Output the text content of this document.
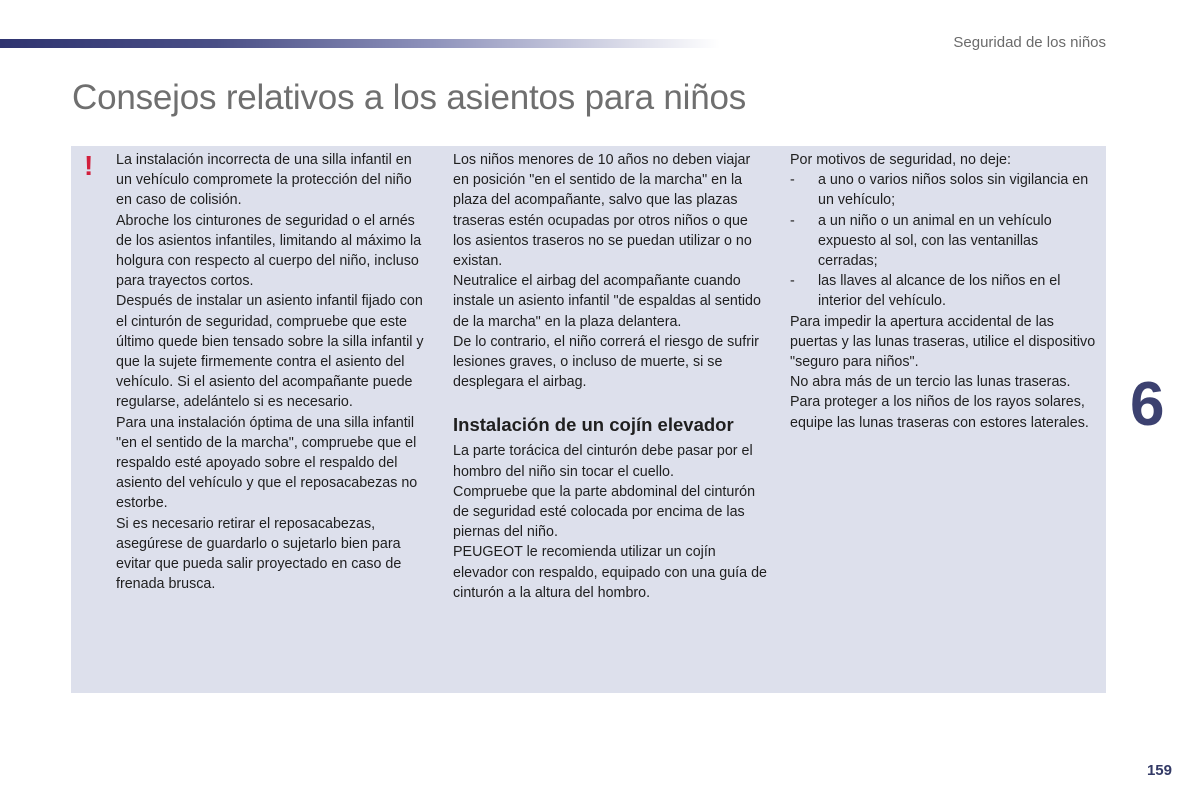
Seguridad de los niños
Consejos relativos a los asientos para niños
! La instalación incorrecta de una silla infantil en un vehículo compromete la protección del niño en caso de colisión.

Abroche los cinturones de seguridad o el arnés de los asientos infantiles, limitando al máximo la holgura con respecto al cuerpo del niño, incluso para trayectos cortos.

Después de instalar un asiento infantil fijado con el cinturón de seguridad, compruebe que este último quede bien tensado sobre la silla infantil y que la sujete firmemente contra el asiento del vehículo. Si el asiento del acompañante puede regularse, adelántelo si es necesario.

Para una instalación óptima de una silla infantil "en el sentido de la marcha", compruebe que el respaldo esté apoyado sobre el respaldo del asiento del vehículo y que el reposacabezas no estorbe.

Si es necesario retirar el reposacabezas, asegúrese de guardarlo o sujetarlo bien para evitar que pueda salir proyectado en caso de frenada brusca.

Los niños menores de 10 años no deben viajar en posición "en el sentido de la marcha" en la plaza del acompañante, salvo que las plazas traseras estén ocupadas por otros niños o que los asientos traseros no se puedan utilizar o no existan.

Neutralice el airbag del acompañante cuando instale un asiento infantil "de espaldas al sentido de la marcha" en la plaza delantera.

De lo contrario, el niño correrá el riesgo de sufrir lesiones graves, o incluso de muerte, si se desplegara el airbag.

Instalación de un cojín elevador

La parte torácica del cinturón debe pasar por el hombro del niño sin tocar el cuello.

Compruebe que la parte abdominal del cinturón de seguridad esté colocada por encima de las piernas del niño.

PEUGEOT le recomienda utilizar un cojín elevador con respaldo, equipado con una guía de cinturón a la altura del hombro.

Por motivos de seguridad, no deje:

-	a uno o varios niños solos sin vigilancia en un vehículo;
-	a un niño o un animal en un vehículo expuesto al sol, con las ventanillas cerradas;
-	las llaves al alcance de los niños en el interior del vehículo.

Para impedir la apertura accidental de las puertas y las lunas traseras, utilice el dispositivo "seguro para niños".

No abra más de un tercio las lunas traseras.

Para proteger a los niños de los rayos solares, equipe las lunas traseras con estores laterales. 6
159
